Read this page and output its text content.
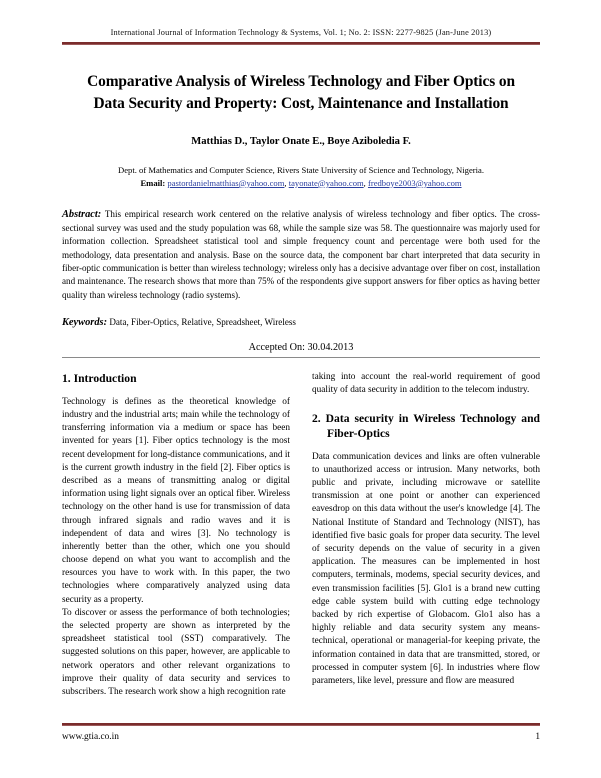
International Journal of Information Technology & Systems, Vol. 1; No. 2: ISSN: 2277-9825 (Jan-June 2013)
Comparative Analysis of Wireless Technology and Fiber Optics on Data Security and Property: Cost, Maintenance and Installation
Matthias D., Taylor Onate E., Boye Aziboledia F.
Dept. of Mathematics and Computer Science, Rivers State University of Science and Technology, Nigeria.
Email: pastordanielmatthias@yahoo.com, tayonate@yahoo.com, fredboye2003@yahoo.com
Abstract: This empirical research work centered on the relative analysis of wireless technology and fiber optics. The cross-sectional survey was used and the study population was 68, while the sample size was 58. The questionnaire was majorly used for information collection. Spreadsheet statistical tool and simple frequency count and percentage were both used for the methodology, data presentation and analysis. Base on the source data, the component bar chart interpreted that data security in fiber-optic communication is better than wireless technology; wireless only has a decisive advantage over fiber on cost, installation and maintenance. The research shows that more than 75% of the respondents give support answers for fiber optics as having better quality than wireless technology (radio systems).
Keywords: Data, Fiber-Optics, Relative, Spreadsheet, Wireless
Accepted On: 30.04.2013
1. Introduction

Technology is defines as the theoretical knowledge of industry and the industrial arts; main while the technology of transferring information via a medium or space has been invented for years [1]. Fiber optics technology is the most recent development for long-distance communications, and it is the current growth industry in the field [2]. Fiber optics is described as a means of transmitting analog or digital information using light signals over an optical fiber. Wireless technology on the other hand is use for transmission of data through infrared signals and radio waves and it is independent of data and wires [3]. No technology is inherently better than the other, which one you should choose depend on what you want to accomplish and the resources you have to work with. In this paper, the two technologies where comparatively analyzed using data security as a property.

To discover or assess the performance of both technologies; the selected property are shown as interpreted by the spreadsheet statistical tool (SST) comparatively. The suggested solutions on this paper, however, are applicable to network operators and other relevant organizations to improve their quality of data security and services to subscribers. The research work show a high recognition rate

taking into account the real-world requirement of good quality of data security in addition to the telecom industry.

2. Data security in Wireless Technology and Fiber-Optics

Data communication devices and links are often vulnerable to unauthorized access or intrusion. Many networks, both public and private, including microwave or satellite transmission at one point or another can experienced eavesdrop on this data without the user's knowledge [4]. The National Institute of Standard and Technology (NIST), has identified five basic goals for proper data security. The level of security depends on the value of security in a given application. The measures can be implemented in host computers, terminals, modems, special security devices, and even transmission facilities [5]. Glo1 is a brand new cutting edge cable system build with cutting edge technology backed by rich expertise of Globacom. Glo1 also has a highly reliable and data security system any means-technical, operational or managerial-for keeping private, the information contained in data that are transmitted, stored, or processed in computer system [6]. In industries where flow parameters, like level, pressure and flow are measured

www.gtia.co.in	1
